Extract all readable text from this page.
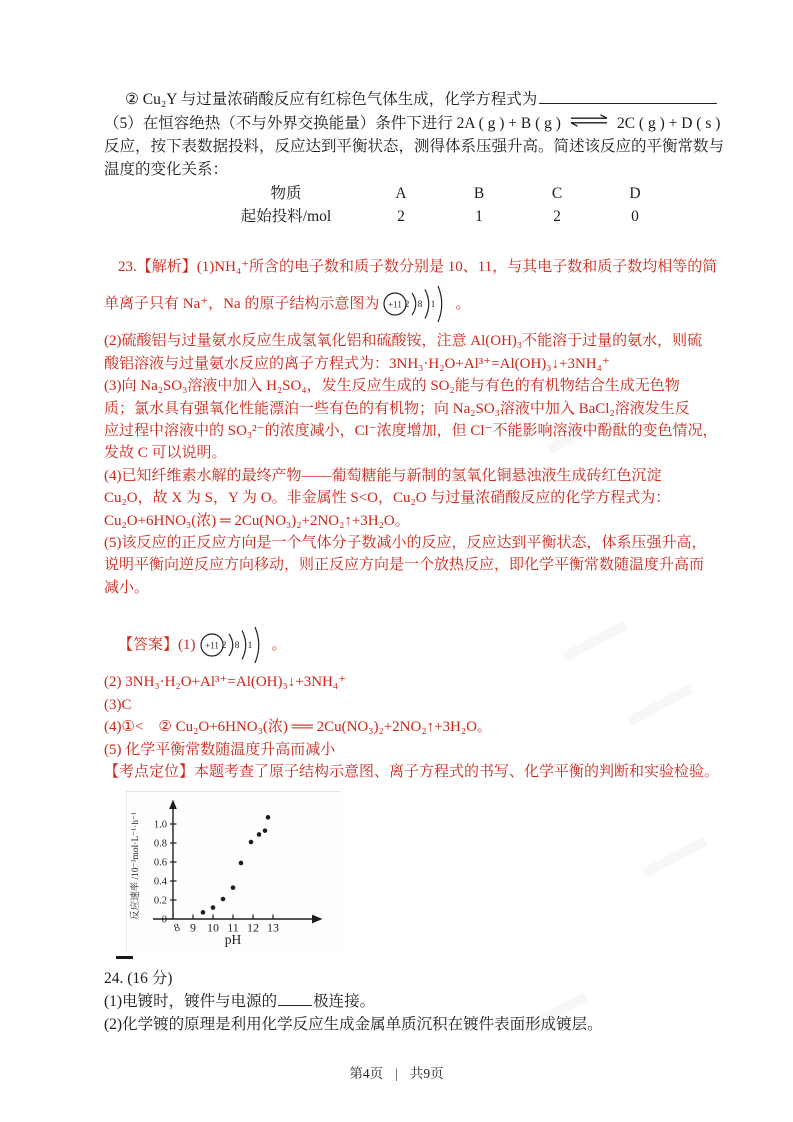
② Cu₂Y 与过量浓硝酸反应有红棕色气体生成，化学方程式为
（5）在恒容绝热（不与外界交换能量）条件下进行 2A ( g ) + B ( g ) ⇌ 2C ( g ) + D ( s )
反应，按下表数据投料，反应达到平衡状态，测得体系压强升高。简述该反应的平衡常数与
温度的变化关系：
物质	A	B	C	D
起始投料/mol	2	1	2	0
23.【解析】(1)NH₄⁺所含的电子数和质子数分别是 10、11，与其电子数和质子数均相等的简
单离子只有 Na⁺，Na 的原子结构示意图为 +11 2 8 1 。
(2)硫酸铝与过量氨水反应生成氢氧化铝和硫酸铵，注意 Al(OH)₃不能溶于过量的氨水，则硫
酸铝溶液与过量氨水反应的离子方程式为：3NH₃·H₂O+Al³⁺=Al(OH)₃↓+3NH₄⁺
(3)向 Na₂SO₃溶液中加入 H₂SO₄，发生反应生成的 SO₂能与有色的有机物结合生成无色物
质；氯水具有强氧化性能漂泊一些有色的有机物；向 Na₂SO₃溶液中加入 BaCl₂溶液发生反
应过程中溶液中的 SO₃²⁻的浓度减小，Cl⁻浓度增加，但 Cl⁻不能影响溶液中酚酞的变色情况，
发故 C 可以说明。
(4)已知纤维素水解的最终产物——葡萄糖能与新制的氢氧化铜悬浊液生成砖红色沉淀
Cu₂O，故 X 为 S，Y 为 O。非金属性 S<O，Cu₂O 与过量浓硝酸反应的化学方程式为：
Cu₂O+6HNO₃(浓) ═ 2Cu(NO₃)₂+2NO₂↑+3H₂O。
(5)该反应的正反应方向是一个气体分子数减小的反应，反应达到平衡状态，体系压强升高，
说明平衡向逆反应方向移动，则正反应方向是一个放热反应，即化学平衡常数随温度升高而
减小。
【答案】(1) +11 2 8 1 。
(2) 3NH₃·H₂O+Al³⁺=Al(OH)₃↓+3NH₄⁺
(3)C
(4)①<　② Cu₂O+6HNO₃(浓) ══ 2Cu(NO₃)₂+2NO₂↑+3H₂O。
(5) 化学平衡常数随温度升高而减小
【考点定位】本题考查了原子结构示意图、离子方程式的书写、化学平衡的判断和实验检验。
0
0.2
0.4
0.6
0.8
1.0
8 9 10 11 12 13
反应速率 /10⁻³mol·L⁻¹·h⁻¹
pH
24. (16 分)
(1)电镀时，镀件与电源的 极连接。
(2)化学镀的原理是利用化学反应生成金属单质沉积在镀件表面形成镀层。
第4页 | 共9页
